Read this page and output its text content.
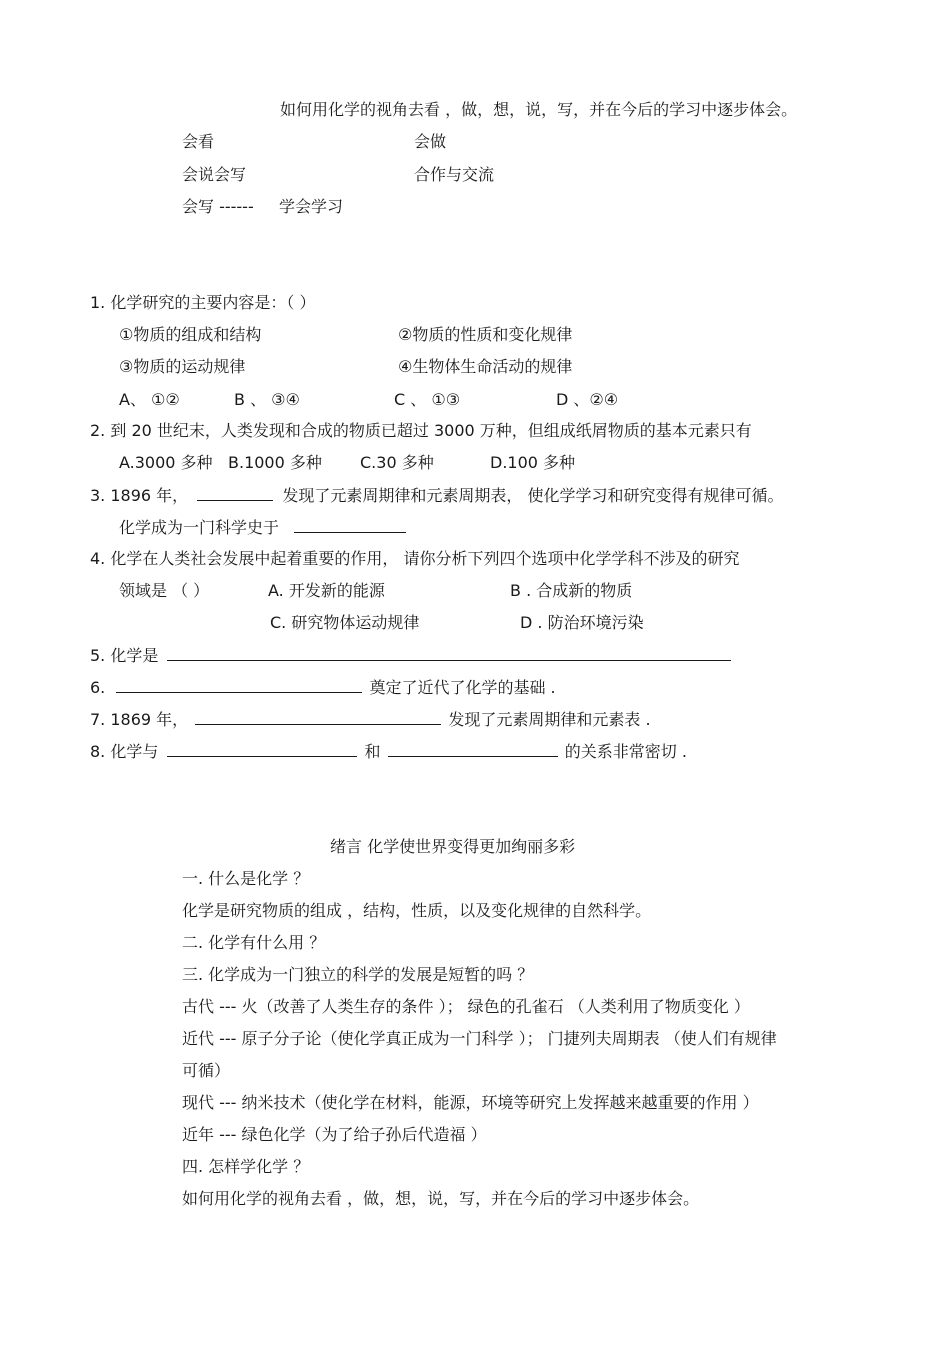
如何用化学的视角去看 ，做，想，说，写，并在今后的学习中逐步体会。
会看	会做
会说会写	合作与交流
会写 ------ 学会学习
1. 化学研究的主要内容是：（ ）
①物质的组成和结构	②物质的性质和变化规律
③物质的运动规律	④生物体生命活动的规律
A、 ①②	B 、 ③④	C 、 ①③	D 、②④
2. 到 20 世纪末，人类发现和合成的物质已超过 3000 万种，但组成纸屑物质的基本元素只有
A.3000 多种 B.1000 多种 C.30 多种	D.100 多种
3. 1896 年，	发现了元素周期律和元素周期表， 使化学学习和研究变得有规律可循。
化学成为一门科学史于
4. 化学在人类社会发展中起着重要的作用， 请你分析下列四个选项中化学学科不涉及的研究
领域是 （ ）	A. 开发新的能源	B . 合成新的物质
C. 研究物体运动规律	D . 防治环境污染
5. 化学是
6.	奠定了近代了化学的基础 .
7. 1869 年，	发现了元素周期律和元素表 .
8. 化学与	和	的关系非常密切 .
绪言 化学使世界变得更加绚丽多彩
一. 什么是化学 ？
化学是研究物质的组成 ，结构，性质，以及变化规律的自然科学。
二. 化学有什么用 ？
三. 化学成为一门独立的科学的发展是短暂的吗 ？
古代 --- 火（改善了人类生存的条件 ）； 绿色的孔雀石 （人类利用了物质变化 ）
近代 --- 原子分子论（使化学真正成为一门科学 ）； 门捷列夫周期表 （使人们有规律
可循）
现代 --- 纳米技术（使化学在材料，能源，环境等研究上发挥越来越重要的作用 ）
近年 --- 绿色化学（为了给子孙后代造福 ）
四. 怎样学化学 ？
如何用化学的视角去看 ，做，想，说，写，并在今后的学习中逐步体会。
